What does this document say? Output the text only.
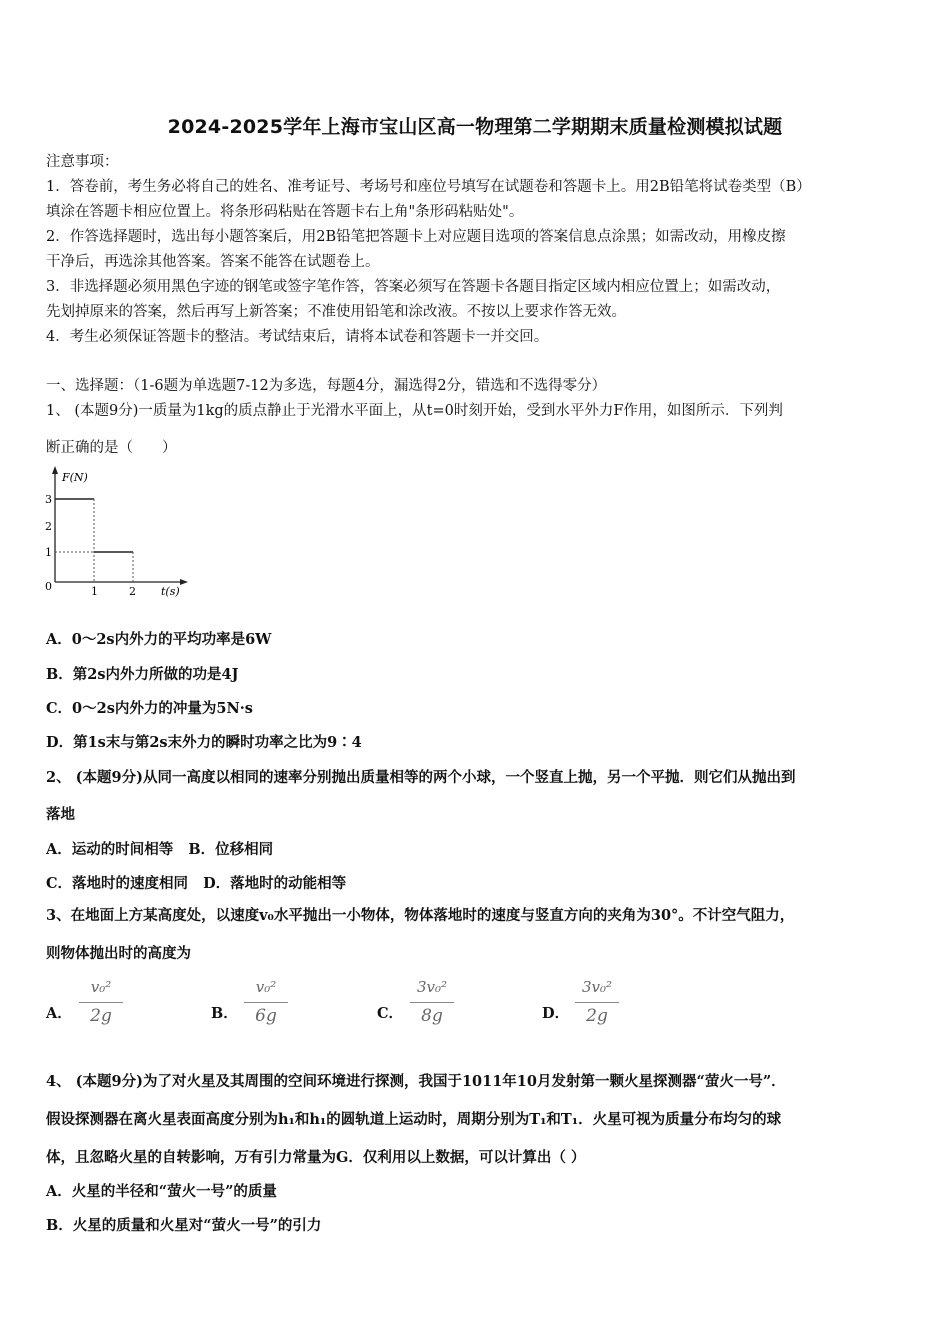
2024-2025学年上海市宝山区高一物理第二学期期末质量检测模拟试题
注意事项：
1．答卷前，考生务必将自己的姓名、准考证号、考场号和座位号填写在试题卷和答题卡上。用2B铅笔将试卷类型（B）
填涂在答题卡相应位置上。将条形码粘贴在答题卡右上角"条形码粘贴处"。
2．作答选择题时，选出每小题答案后，用2B铅笔把答题卡上对应题目选项的答案信息点涂黑；如需改动，用橡皮擦
干净后，再选涂其他答案。答案不能答在试题卷上。
3．非选择题必须用黑色字迹的钢笔或签字笔作答，答案必须写在答题卡各题目指定区域内相应位置上；如需改动，
先划掉原来的答案，然后再写上新答案；不准使用铅笔和涂改液。不按以上要求作答无效。
4．考生必须保证答题卡的整洁。考试结束后，请将本试卷和答题卡一并交回。
一、选择题：（1-6题为单选题7-12为多选，每题4分，漏选得2分，错选和不选得零分）
1、 (本题9分)一质量为1kg的质点静止于光滑水平面上，从t=0时刻开始，受到水平外力F作用，如图所示．下列判
断正确的是（　　）
F(N)
3
2
1
0	1	2 t(s)
A．0～2s内外力的平均功率是6W
B．第2s内外力所做的功是4J
C．0～2s内外力的冲量为5N·s
D．第1s末与第2s末外力的瞬时功率之比为9∶4
2、 (本题9分)从同一高度以相同的速率分别抛出质量相等的两个小球，一个竖直上抛，另一个平抛．则它们从抛出到
落地
A．运动的时间相等 B．位移相同
C．落地时的速度相同 D．落地时的动能相等
3、在地面上方某高度处，以速度v₀水平抛出一小物体，物体落地时的速度与竖直方向的夹角为30°。不计空气阻力，
则物体抛出时的高度为
A．
v₀²
2g	B．
v₀²
6g	C．
3v₀²
8g	D．
3v₀²
2g
4、 (本题9分)为了对火星及其周围的空间环境进行探测，我国于1011年10月发射第一颗火星探测器“萤火一号”．
假设探测器在离火星表面高度分别为h₁和h₁的圆轨道上运动时，周期分别为T₁和T₁．火星可视为质量分布均匀的球
体，且忽略火星的自转影响，万有引力常量为G．仅利用以上数据，可以计算出（ ）
A．火星的半径和“萤火一号”的质量
B．火星的质量和火星对“萤火一号”的引力
